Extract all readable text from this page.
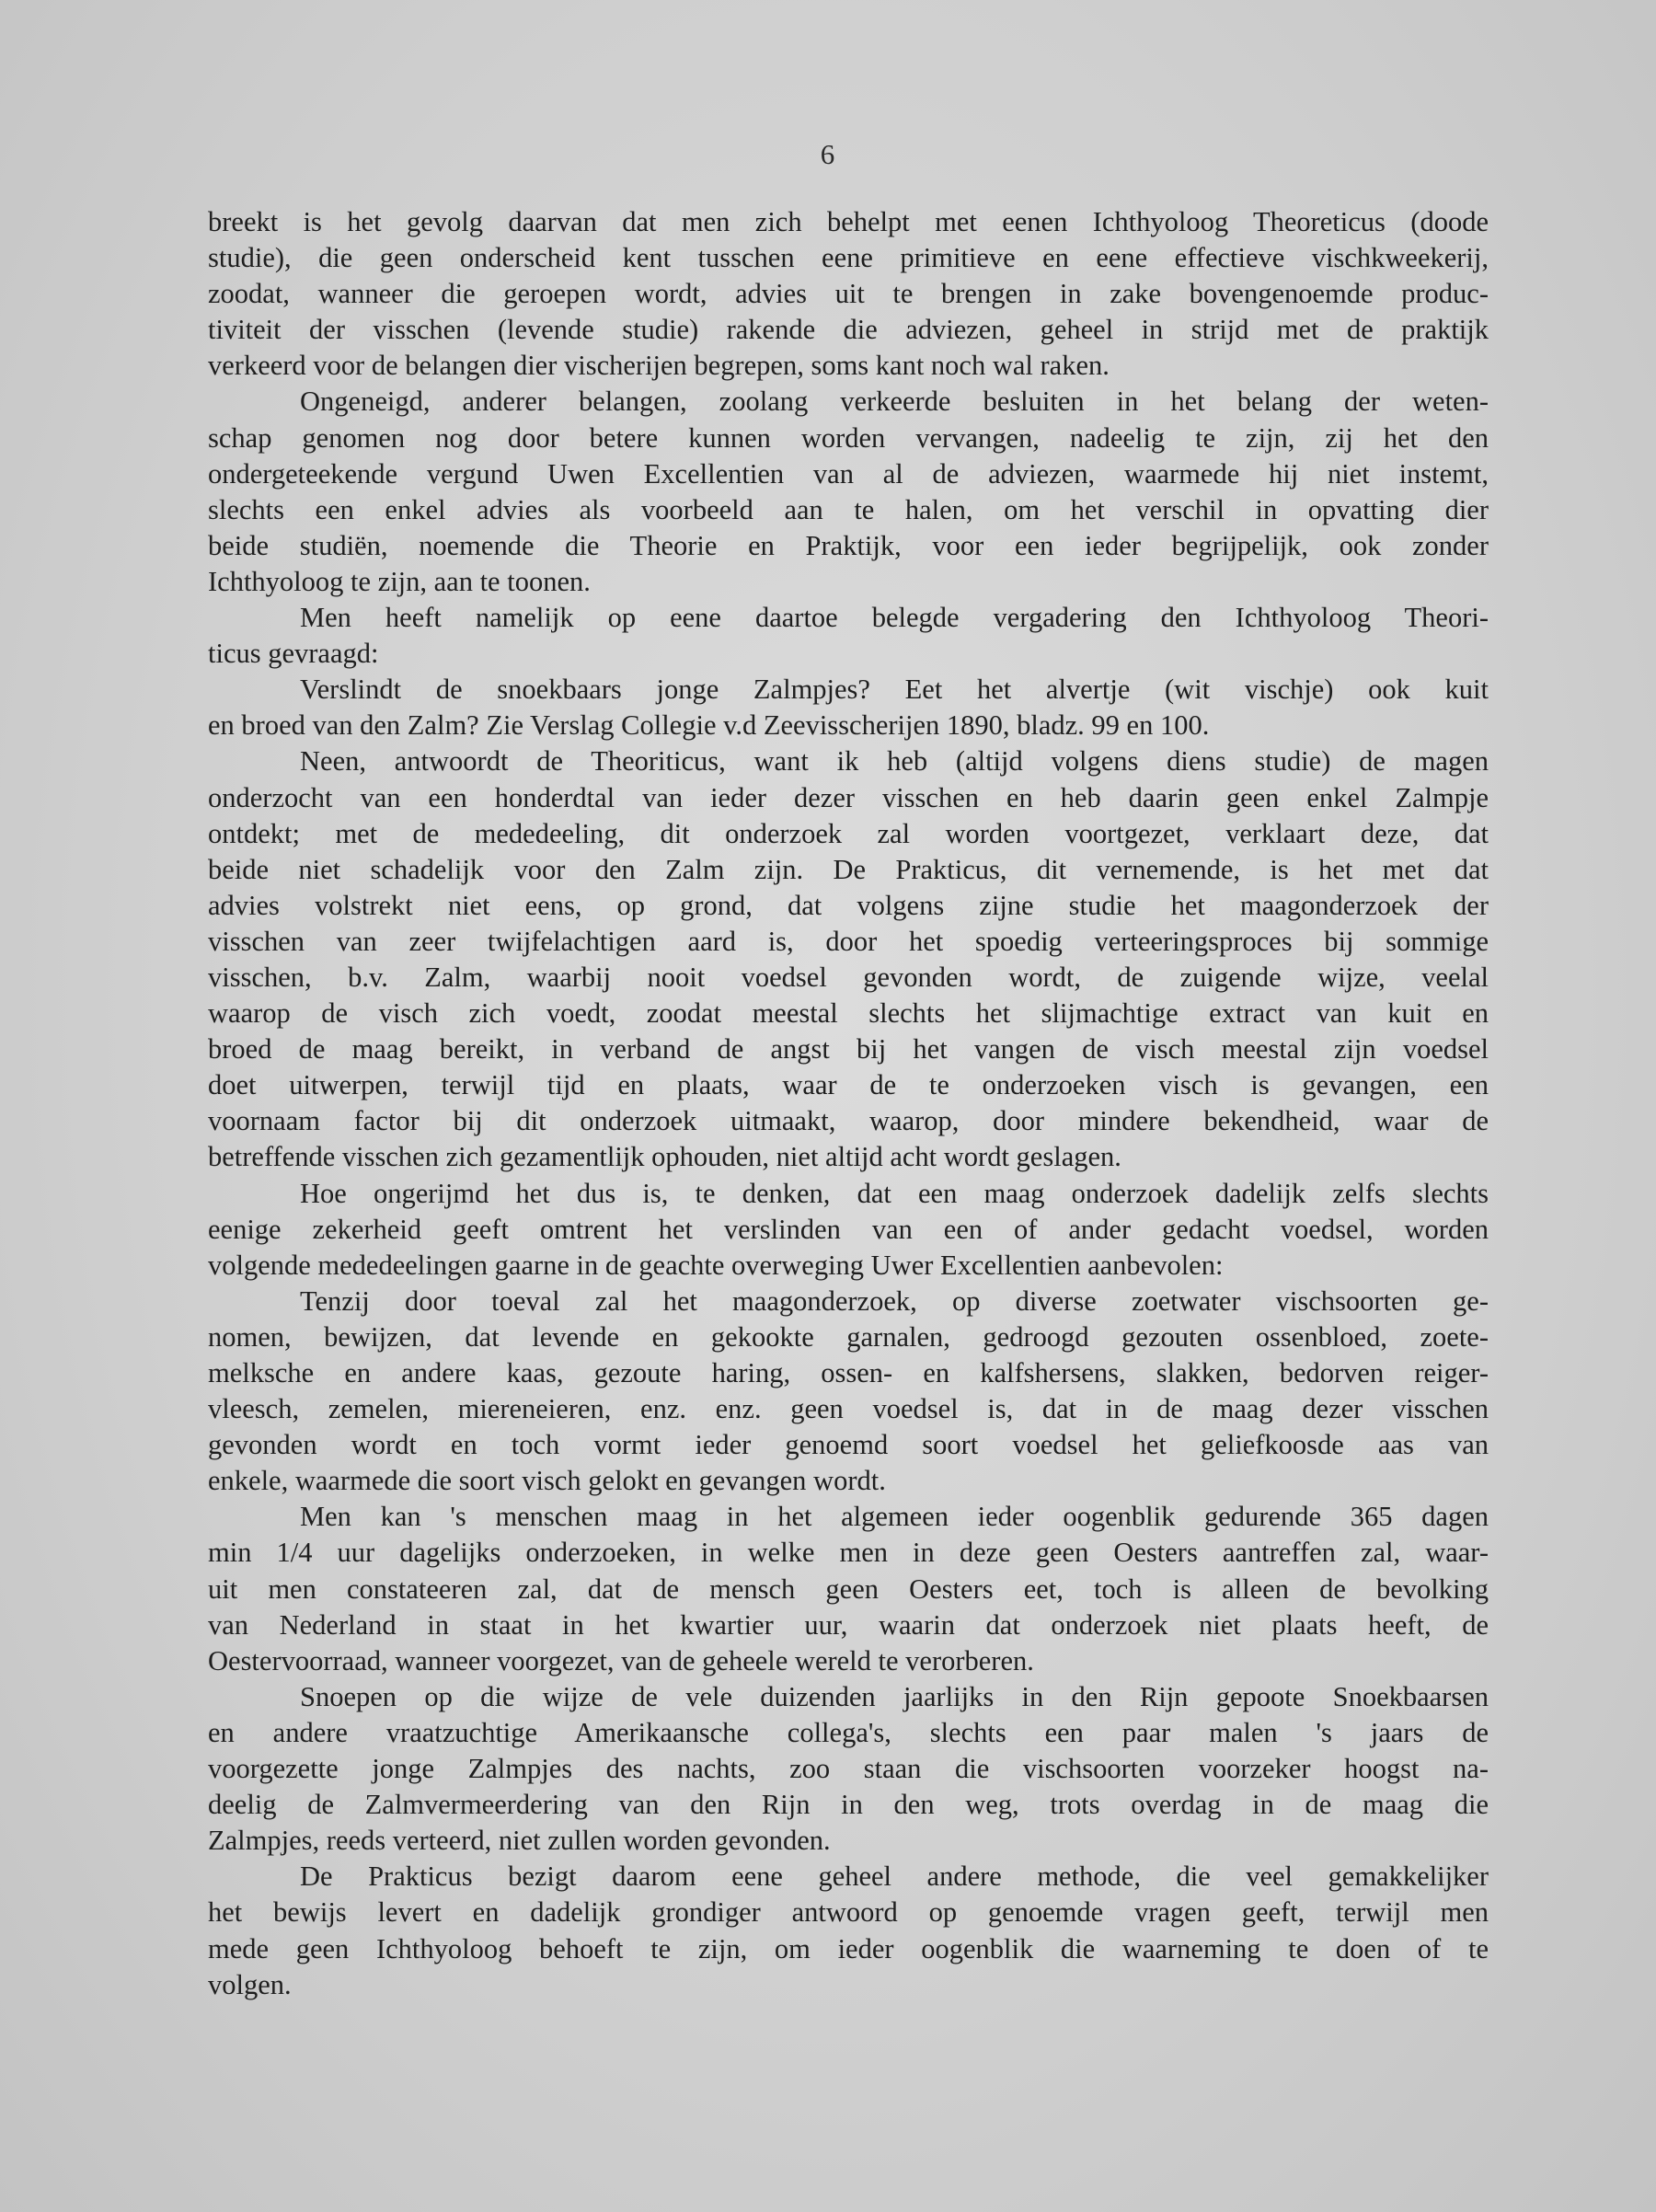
6
breekt is het gevolg daarvan dat men zich behelpt met eenen Ichthyoloog Theoreticus (doode
studie), die geen onderscheid kent tusschen eene primitieve en eene effectieve vischkweekerij,
zoodat, wanneer die geroepen wordt, advies uit te brengen in zake bovengenoemde produc-
tiviteit der visschen (levende studie) rakende die adviezen, geheel in strijd met de praktijk
verkeerd voor de belangen dier vischerijen begrepen, soms kant noch wal raken.
Ongeneigd, anderer belangen, zoolang verkeerde besluiten in het belang der weten-
schap genomen nog door betere kunnen worden vervangen, nadeelig te zijn, zij het den
ondergeteekende vergund Uwen Excellentien van al de adviezen, waarmede hij niet instemt,
slechts een enkel advies als voorbeeld aan te halen, om het verschil in opvatting dier
beide studiën, noemende die Theorie en Praktijk, voor een ieder begrijpelijk, ook zonder
Ichthyoloog te zijn, aan te toonen.
Men heeft namelijk op eene daartoe belegde vergadering den Ichthyoloog Theori-
ticus gevraagd:
Verslindt de snoekbaars jonge Zalmpjes? Eet het alvertje (wit vischje) ook kuit
en broed van den Zalm? Zie Verslag Collegie v.d Zeevisscherijen 1890, bladz. 99 en 100.
Neen, antwoordt de Theoriticus, want ik heb (altijd volgens diens studie) de magen
onderzocht van een honderdtal van ieder dezer visschen en heb daarin geen enkel Zalmpje
ontdekt; met de mededeeling, dit onderzoek zal worden voortgezet, verklaart deze, dat
beide niet schadelijk voor den Zalm zijn. De Prakticus, dit vernemende, is het met dat
advies volstrekt niet eens, op grond, dat volgens zijne studie het maagonderzoek der
visschen van zeer twijfelachtigen aard is, door het spoedig verteeringsproces bij sommige
visschen, b.v. Zalm, waarbij nooit voedsel gevonden wordt, de zuigende wijze, veelal
waarop de visch zich voedt, zoodat meestal slechts het slijmachtige extract van kuit en
broed de maag bereikt, in verband de angst bij het vangen de visch meestal zijn voedsel
doet uitwerpen, terwijl tijd en plaats, waar de te onderzoeken visch is gevangen, een
voornaam factor bij dit onderzoek uitmaakt, waarop, door mindere bekendheid, waar de
betreffende visschen zich gezamentlijk ophouden, niet altijd acht wordt geslagen.
Hoe ongerijmd het dus is, te denken, dat een maag onderzoek dadelijk zelfs slechts
eenige zekerheid geeft omtrent het verslinden van een of ander gedacht voedsel, worden
volgende mededeelingen gaarne in de geachte overweging Uwer Excellentien aanbevolen:
Tenzij door toeval zal het maagonderzoek, op diverse zoetwater vischsoorten ge-
nomen, bewijzen, dat levende en gekookte garnalen, gedroogd gezouten ossenbloed, zoete-
melksche en andere kaas, gezoute haring, ossen- en kalfshersens, slakken, bedorven reiger-
vleesch, zemelen, miereneieren, enz. enz. geen voedsel is, dat in de maag dezer visschen
gevonden wordt en toch vormt ieder genoemd soort voedsel het geliefkoosde aas van
enkele, waarmede die soort visch gelokt en gevangen wordt.
Men kan 's menschen maag in het algemeen ieder oogenblik gedurende 365 dagen
min 1/4 uur dagelijks onderzoeken, in welke men in deze geen Oesters aantreffen zal, waar-
uit men constateeren zal, dat de mensch geen Oesters eet, toch is alleen de bevolking
van Nederland in staat in het kwartier uur, waarin dat onderzoek niet plaats heeft, de
Oestervoorraad, wanneer voorgezet, van de geheele wereld te verorberen.
Snoepen op die wijze de vele duizenden jaarlijks in den Rijn gepoote Snoekbaarsen
en andere vraatzuchtige Amerikaansche collega's, slechts een paar malen 's jaars de
voorgezette jonge Zalmpjes des nachts, zoo staan die vischsoorten voorzeker hoogst na-
deelig de Zalmvermeerdering van den Rijn in den weg, trots overdag in de maag die
Zalmpjes, reeds verteerd, niet zullen worden gevonden.
De Prakticus bezigt daarom eene geheel andere methode, die veel gemakkelijker
het bewijs levert en dadelijk grondiger antwoord op genoemde vragen geeft, terwijl men
mede geen Ichthyoloog behoeft te zijn, om ieder oogenblik die waarneming te doen of te
volgen.
